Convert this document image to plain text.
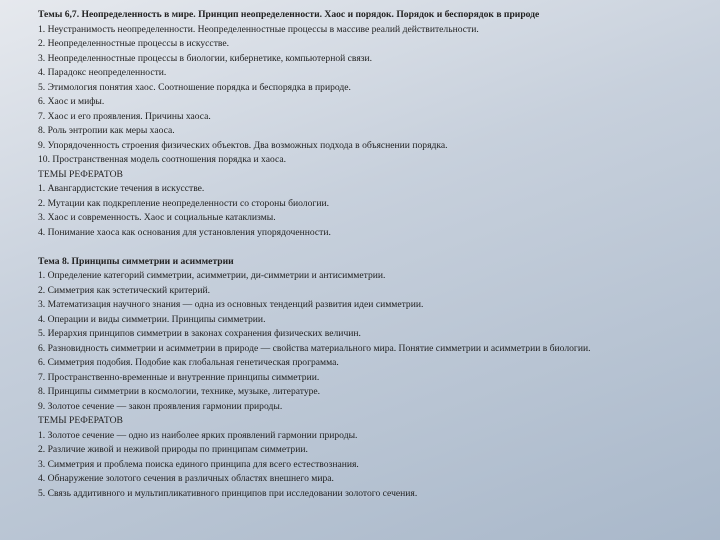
Темы 6,7. Неопределенность в мире. Принцип неопределенности. Хаос и порядок. Порядок и беспорядок в природе
1. Неустранимость неопределенности. Неопределенностные процессы в массиве реалий действительности.
2. Неопределенностные процессы в искусстве.
3. Неопределенностные процессы в биологии, кибернетике, компьютерной связи.
4. Парадокс неопределенности.
5. Этимология понятия хаос. Соотношение порядка и беспорядка в природе.
6. Хаос и мифы.
7. Хаос и его проявления. Причины хаоса.
8. Роль энтропии как меры хаоса.
9. Упорядоченность строения физических объектов. Два возможных подхода в объяснении порядка.
10. Пространственная модель соотношения порядка и хаоса.
ТЕМЫ РЕФЕРАТОВ
1. Авангардистские течения в искусстве.
2. Мутации как подкрепление неопределенности со стороны биологии.
3. Хаос и современность. Хаос и социальные катаклизмы.
4. Понимание хаоса как основания для установления упорядоченности.
Тема 8. Принципы симметрии и асимметрии
1. Определение категорий симметрии, асимметрии, ди-симметрии и антисимметрии.
2. Симметрия как эстетический критерий.
3. Математизация научного знания — одна из основных тенденций развития идеи симметрии.
4. Операции и виды симметрии. Принципы симметрии.
5. Иерархия принципов симметрии в законах сохранения физических величин.
6. Разновидность симметрии и асимметрии в природе — свойства материального мира. Понятие симметрии и асимметрии в биологии.
6. Симметрия подобия. Подобие как глобальная генетическая программа.
7. Пространственно-временные и внутренние принципы симметрии.
8. Принципы симметрии в космологии, технике, музыке, литературе.
9. Золотое сечение — закон проявления гармонии природы.
ТЕМЫ РЕФЕРАТОВ
1. Золотое сечение — одно из наиболее ярких проявлений гармонии природы.
2. Различие живой и неживой природы по принципам симметрии.
3. Симметрия и проблема поиска единого принципа для всего естествознания.
4. Обнаружение золотого сечения в различных областях внешнего мира.
5. Связь аддитивного и мультипликативного принципов при исследовании золотого сечения.
